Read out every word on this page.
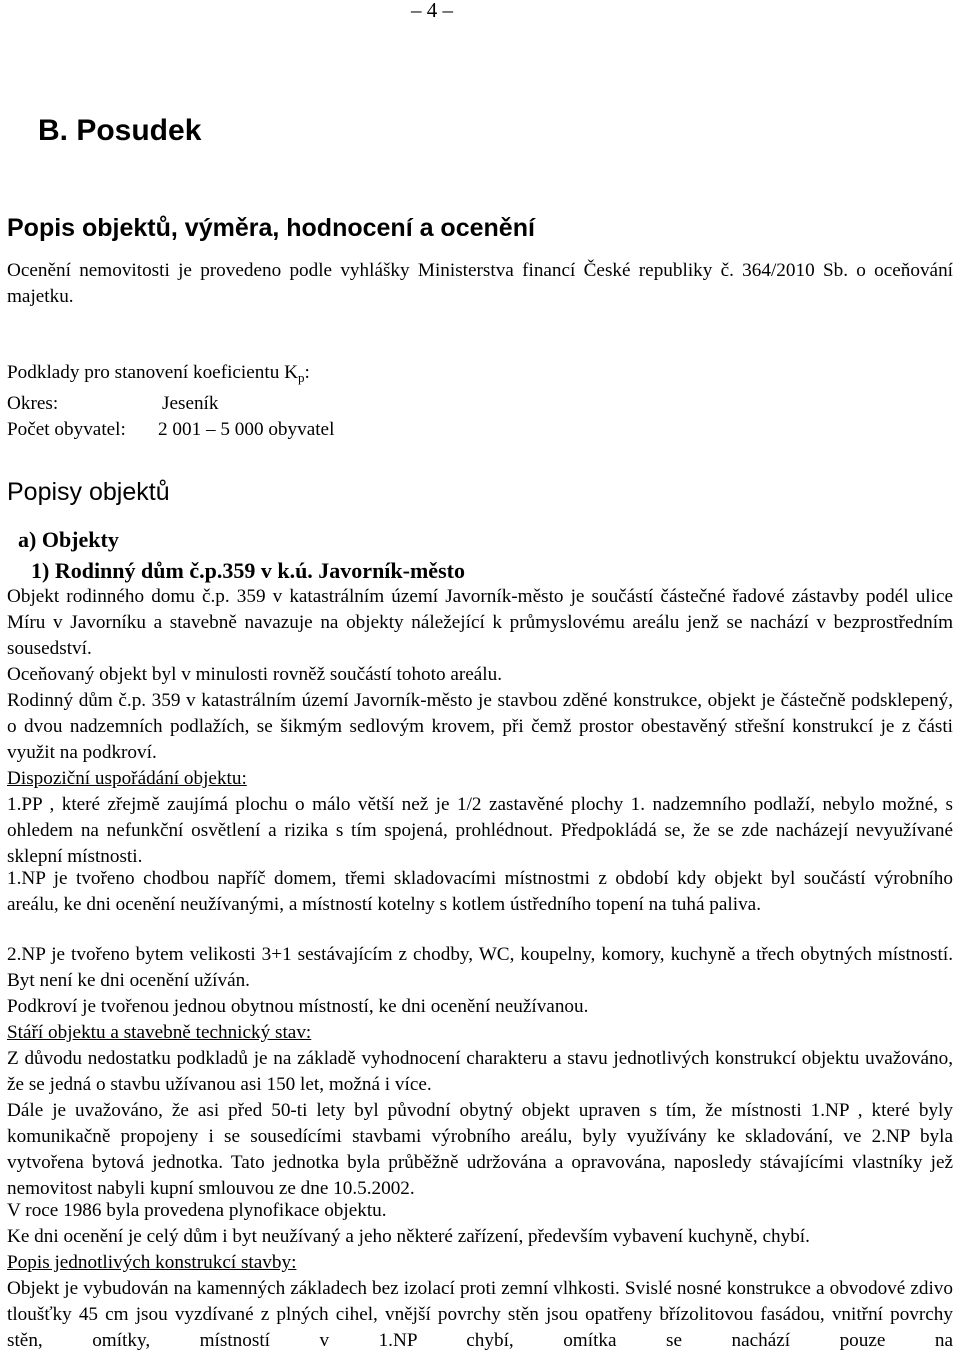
– 4 –
B. Posudek
Popis objektů, výměra, hodnocení a ocenění
Ocenění nemovitosti je provedeno podle vyhlášky Ministerstva financí České republiky č. 364/2010 Sb. o oceňování majetku.
Podklady pro stanovení koeficientu $K_p$:
Okres:	Jeseník
Počet obyvatel: 2 001 – 5 000 obyvatel
Popisy objektů
a) Objekty
1) Rodinný dům č.p.359 v k.ú. Javorník-město
Objekt rodinného domu č.p. 359 v katastrálním území Javorník-město je součástí částečné řadové zástavby podél ulice Míru v Javorníku a stavebně navazuje na objekty náležející k průmyslovému areálu jenž se nachází v bezprostředním sousedství.
Oceňovaný objekt byl v minulosti rovněž součástí tohoto areálu.
Rodinný dům č.p. 359 v katastrálním území Javorník-město je stavbou zděné konstrukce, objekt je částečně podsklepený, o dvou nadzemních podlažích, se šikmým sedlovým krovem, při čemž prostor obestavěný střešní konstrukcí je z části využit na podkroví.
Dispoziční uspořádání objektu:
1.PP , které zřejmě zaujímá plochu o málo větší než je 1/2 zastavěné plochy 1. nadzemního podlaží, nebylo možné, s ohledem na nefunkční osvětlení a rizika s tím spojená, prohlédnout. Předpokládá se, že se zde nacházejí nevyužívané sklepní místnosti.
1.NP je tvořeno chodbou napříč domem, třemi skladovacími místnostmi z období kdy objekt byl součástí výrobního areálu, ke dni ocenění neužívanými, a místností kotelny s kotlem ústředního topení na tuhá paliva.
2.NP je tvořeno bytem velikosti 3+1 sestávajícím z chodby, WC, koupelny, komory, kuchyně a třech obytných místností. Byt není ke dni ocenění užíván.
Podkroví je tvořenou jednou obytnou místností, ke dni ocenění neužívanou.
Stáří objektu a stavebně technický stav:
Z důvodu nedostatku podkladů je na základě vyhodnocení charakteru a stavu jednotlivých konstrukcí objektu uvažováno, že se jedná o stavbu užívanou asi 150 let, možná i více.
Dále je uvažováno, že asi před 50-ti lety byl původní obytný objekt upraven s tím, že místnosti 1.NP , které byly komunikačně propojeny i se sousedícími stavbami výrobního areálu, byly využívány ke skladování, ve 2.NP byla vytvořena bytová jednotka. Tato jednotka byla průběžně udržována a opravována, naposledy stávajícími vlastníky jež nemovitost nabyli kupní smlouvou ze dne 10.5.2002.
V roce 1986 byla provedena plynofikace objektu.
Ke dni ocenění je celý dům i byt neužívaný a jeho některé zařízení, především vybavení kuchyně, chybí.
Popis jednotlivých konstrukcí stavby:
Objekt je vybudován na kamenných základech bez izolací proti zemní vlhkosti. Svislé nosné konstrukce a obvodové zdivo tloušťky 45 cm jsou vyzdívané z plných cihel, vnější povrchy stěn jsou opatřeny břízolitovou fasádou, vnitřní povrchy stěn, omítky, místností v 1.NP chybí, omítka se nachází pouze na
